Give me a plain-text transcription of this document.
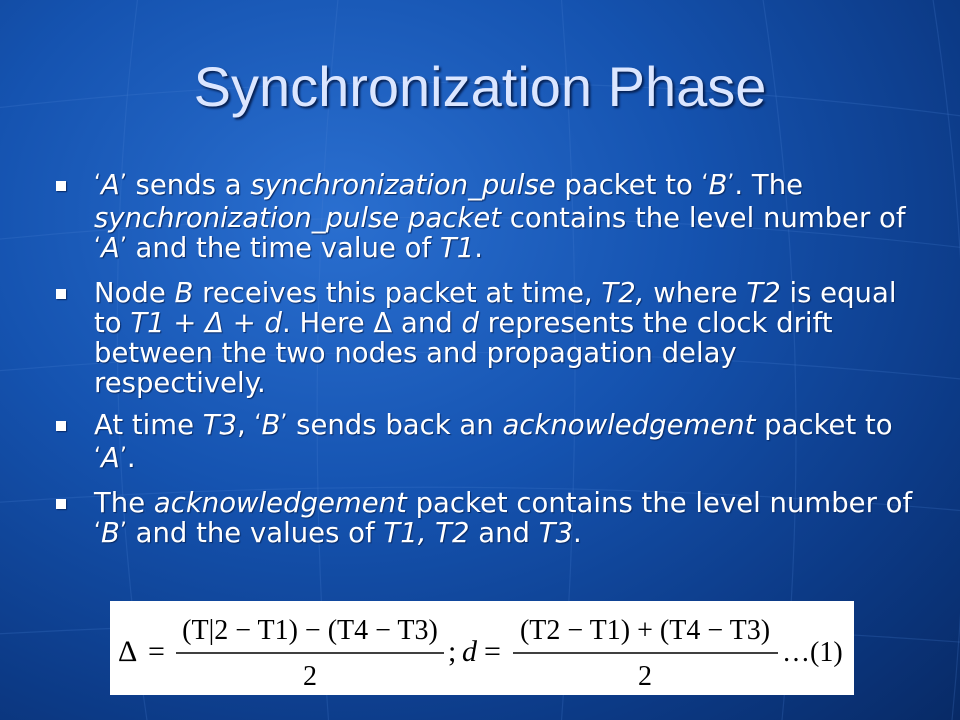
Synchronization Phase
‘A’ sends a synchronization_pulse packet to ‘B’. The synchronization_pulse packet contains the level number of ‘A’ and the time value of T1.
Node B receives this packet at time, T2, where T2 is equal to T1 + Δ + d. Here Δ and d represents the clock drift between the two nodes and propagation delay respectively.
At time T3, ‘B’ sends back an acknowledgement packet to ‘A’.
The acknowledgement packet contains the level number of ‘B’ and the values of T1, T2 and T3.
Δ =
(T|2 − T1) − (T4 − T3)
2
; d =
(T2 − T1) + (T4 − T3)
2
…(1)
